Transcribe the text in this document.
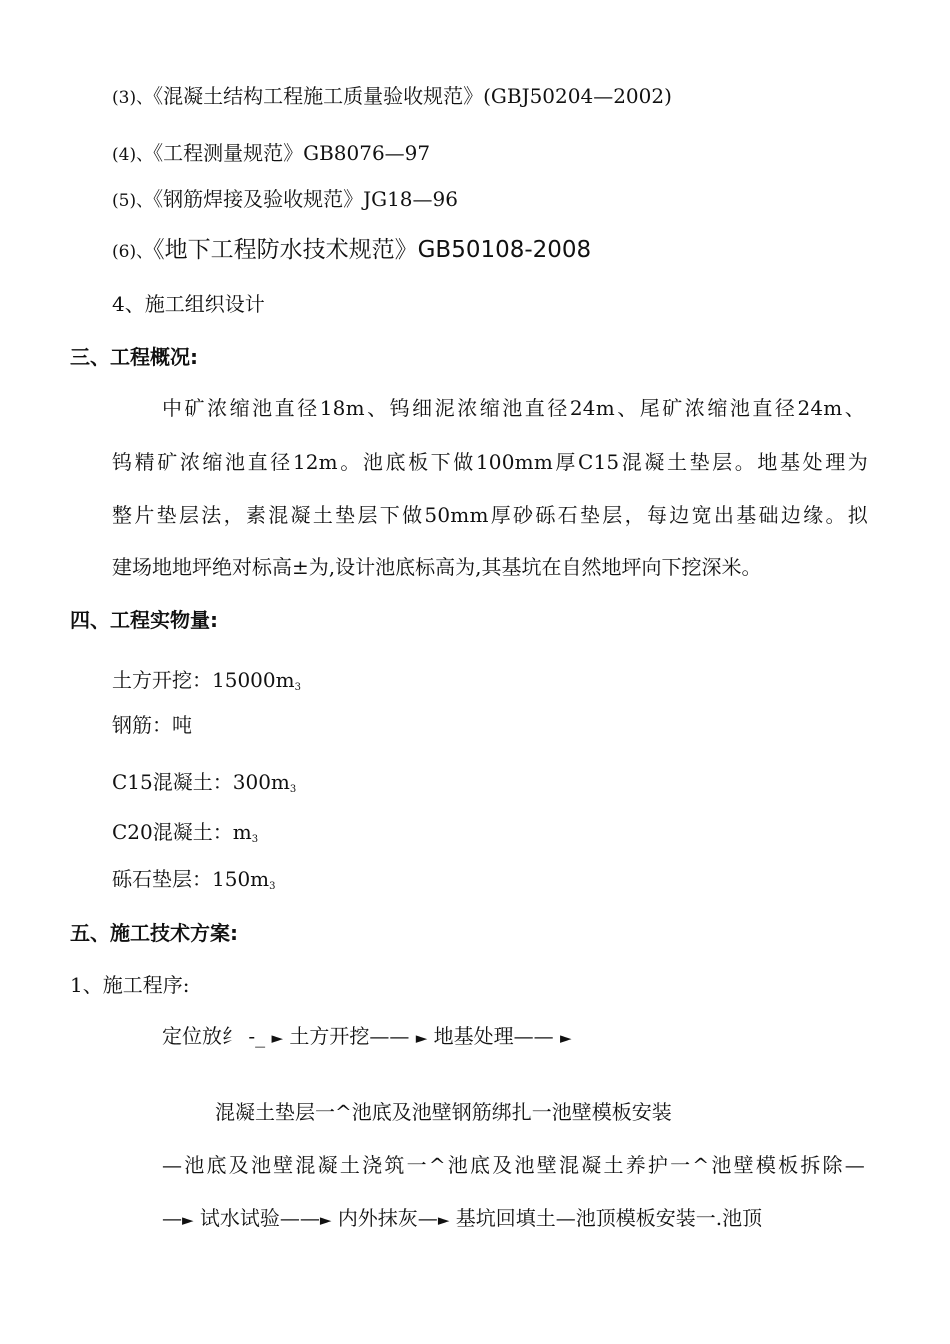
(3)、《混凝土结构工程施工质量验收规范》(GBJ50204—2002)
(4)、《工程测量规范》GB8076—97
(5)、《钢筋焊接及验收规范》JG18—96
(6)、《地下工程防水技术规范》GB50108-2008
4、施工组织设计
三、工程概况:
中矿浓缩池直径18m、钨细泥浓缩池直径24m、尾矿浓缩池直径24m、
钨精矿浓缩池直径12m。池底板下做100mm厚C15混凝土垫层。地基处理为
整片垫层法，素混凝土垫层下做50mm厚砂砾石垫层，每边宽出基础边缘。拟
建场地地坪绝对标高±为,设计池底标高为,其基坑在自然地坪向下挖深米。
四、工程实物量:
土方开挖：15000m3
钢筋：吨
C15混凝土：300m3
C20混凝土：m3
砾石垫层：150m3
五、施工技术方案:
1、施工程序:
定位放纟 -_ ► 土方开挖—— ► 地基处理—— ►
混凝土垫层一^池底及池壁钢筋绑扎一池壁模板安装
—池底及池壁混凝土浇筑一^池底及池壁混凝土养护一^池壁模板拆除—
—► 试水试验——► 内外抹灰—► 基坑回填土—池顶模板安装一.池顶
